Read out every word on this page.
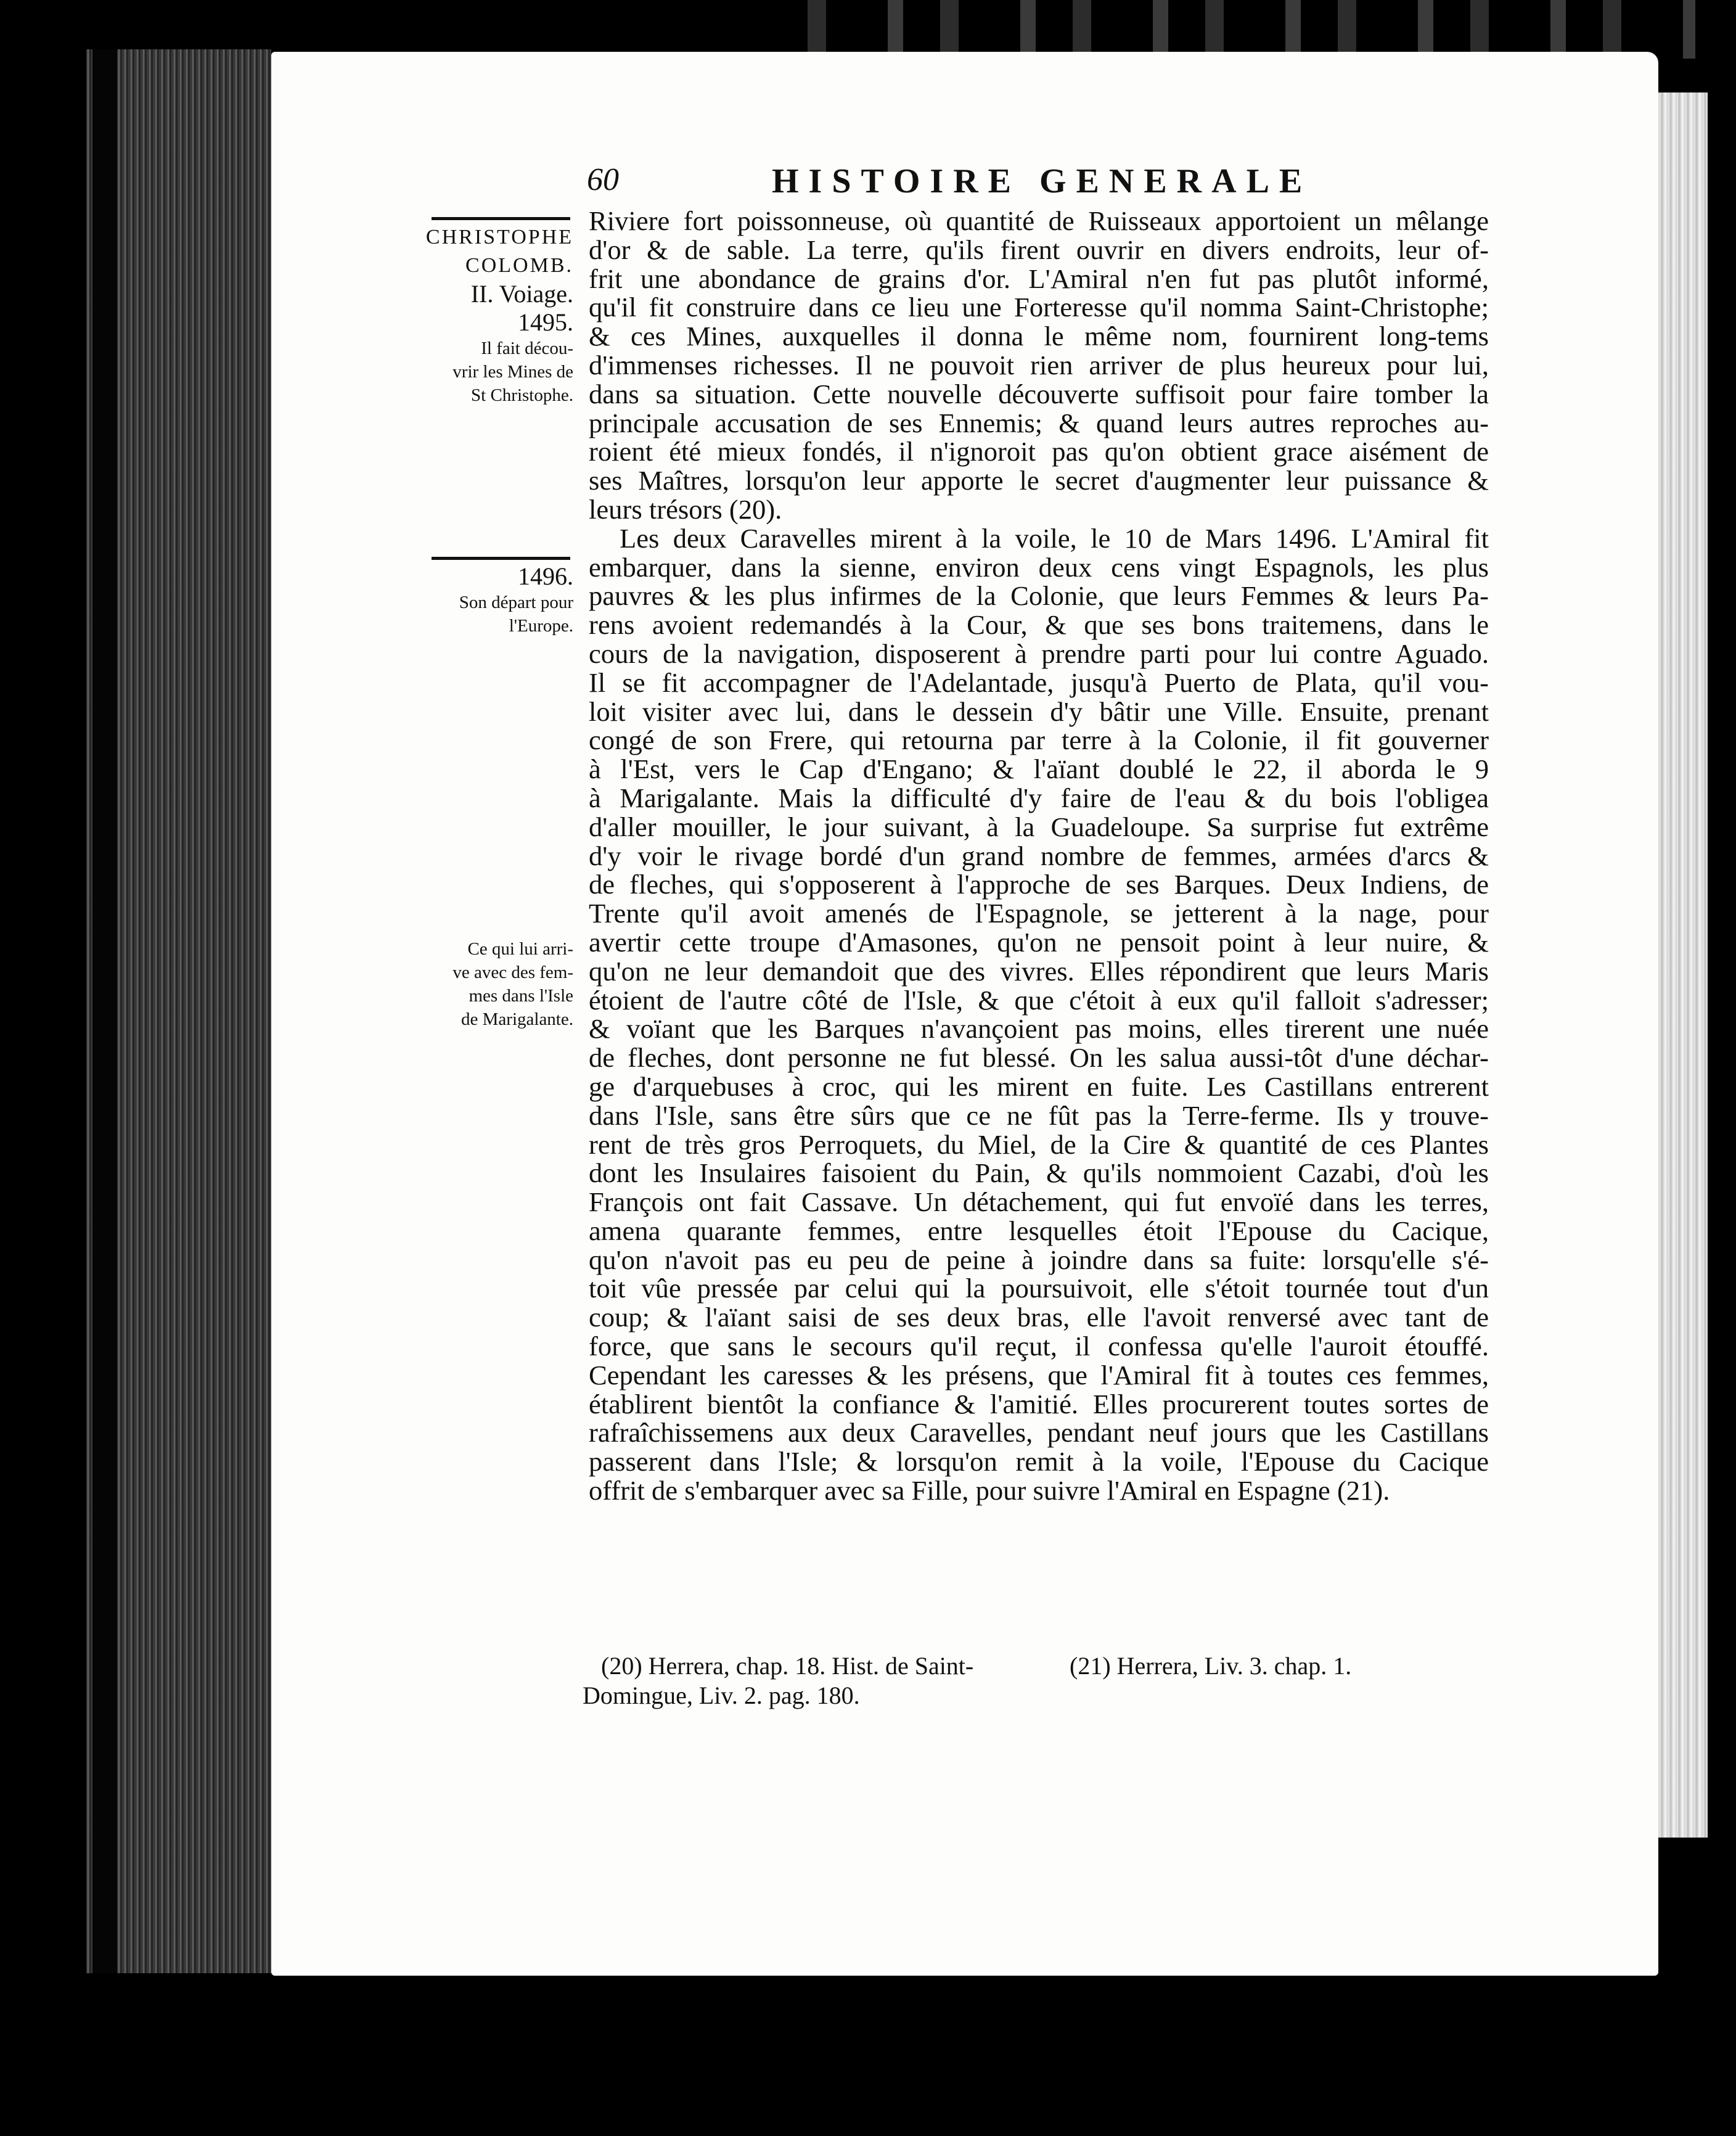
60	HISTOIRE GENERALE
CHRISTOPHE
COLOMB.
II. Voiage.
1495.
Il fait décou-
vrir les Mines de
St Christophe.
1496.
Son départ pour
l'Europe.
Ce qui lui arri-
ve avec des fem-
mes dans l'Isle
de Marigalante.
Riviere fort poissonneuse, où quantité de Ruisseaux apportoient un mêlange
d'or & de sable. La terre, qu'ils firent ouvrir en divers endroits, leur of-
frit une abondance de grains d'or. L'Amiral n'en fut pas plutôt informé,
qu'il fit construire dans ce lieu une Forteresse qu'il nomma Saint-Christophe;
& ces Mines, auxquelles il donna le même nom, fournirent long-tems
d'immenses richesses. Il ne pouvoit rien arriver de plus heureux pour lui,
dans sa situation. Cette nouvelle découverte suffisoit pour faire tomber la
principale accusation de ses Ennemis; & quand leurs autres reproches au-
roient été mieux fondés, il n'ignoroit pas qu'on obtient grace aisément de
ses Maîtres, lorsqu'on leur apporte le secret d'augmenter leur puissance &
leurs trésors (20).
Les deux Caravelles mirent à la voile, le 10 de Mars 1496. L'Amiral fit
embarquer, dans la sienne, environ deux cens vingt Espagnols, les plus
pauvres & les plus infirmes de la Colonie, que leurs Femmes & leurs Pa-
rens avoient redemandés à la Cour, & que ses bons traitemens, dans le
cours de la navigation, disposerent à prendre parti pour lui contre Aguado.
Il se fit accompagner de l'Adelantade, jusqu'à Puerto de Plata, qu'il vou-
loit visiter avec lui, dans le dessein d'y bâtir une Ville. Ensuite, prenant
congé de son Frere, qui retourna par terre à la Colonie, il fit gouverner
à l'Est, vers le Cap d'Engano; & l'aïant doublé le 22, il aborda le 9
à Marigalante. Mais la difficulté d'y faire de l'eau & du bois l'obligea
d'aller mouiller, le jour suivant, à la Guadeloupe. Sa surprise fut extrême
d'y voir le rivage bordé d'un grand nombre de femmes, armées d'arcs &
de fleches, qui s'opposerent à l'approche de ses Barques. Deux Indiens, de
Trente qu'il avoit amenés de l'Espagnole, se jetterent à la nage, pour
avertir cette troupe d'Amasones, qu'on ne pensoit point à leur nuire, &
qu'on ne leur demandoit que des vivres. Elles répondirent que leurs Maris
étoient de l'autre côté de l'Isle, & que c'étoit à eux qu'il falloit s'adresser;
& voïant que les Barques n'avançoient pas moins, elles tirerent une nuée
de fleches, dont personne ne fut blessé. On les salua aussi-tôt d'une déchar-
ge d'arquebuses à croc, qui les mirent en fuite. Les Castillans entrerent
dans l'Isle, sans être sûrs que ce ne fût pas la Terre-ferme. Ils y trouve-
rent de très gros Perroquets, du Miel, de la Cire & quantité de ces Plantes
dont les Insulaires faisoient du Pain, & qu'ils nommoient Cazabi, d'où les
François ont fait Cassave. Un détachement, qui fut envoïé dans les terres,
amena quarante femmes, entre lesquelles étoit l'Epouse du Cacique,
qu'on n'avoit pas eu peu de peine à joindre dans sa fuite: lorsqu'elle s'é-
toit vûe pressée par celui qui la poursuivoit, elle s'étoit tournée tout d'un
coup; & l'aïant saisi de ses deux bras, elle l'avoit renversé avec tant de
force, que sans le secours qu'il reçut, il confessa qu'elle l'auroit étouffé.
Cependant les caresses & les présens, que l'Amiral fit à toutes ces femmes,
établirent bientôt la confiance & l'amitié. Elles procurerent toutes sortes de
rafraîchissemens aux deux Caravelles, pendant neuf jours que les Castillans
passerent dans l'Isle; & lorsqu'on remit à la voile, l'Epouse du Cacique
offrit de s'embarquer avec sa Fille, pour suivre l'Amiral en Espagne (21).
(20) Herrera, chap. 18. Hist. de Saint-
Domingue, Liv. 2. pag. 180.
(21) Herrera, Liv. 3. chap. 1.
